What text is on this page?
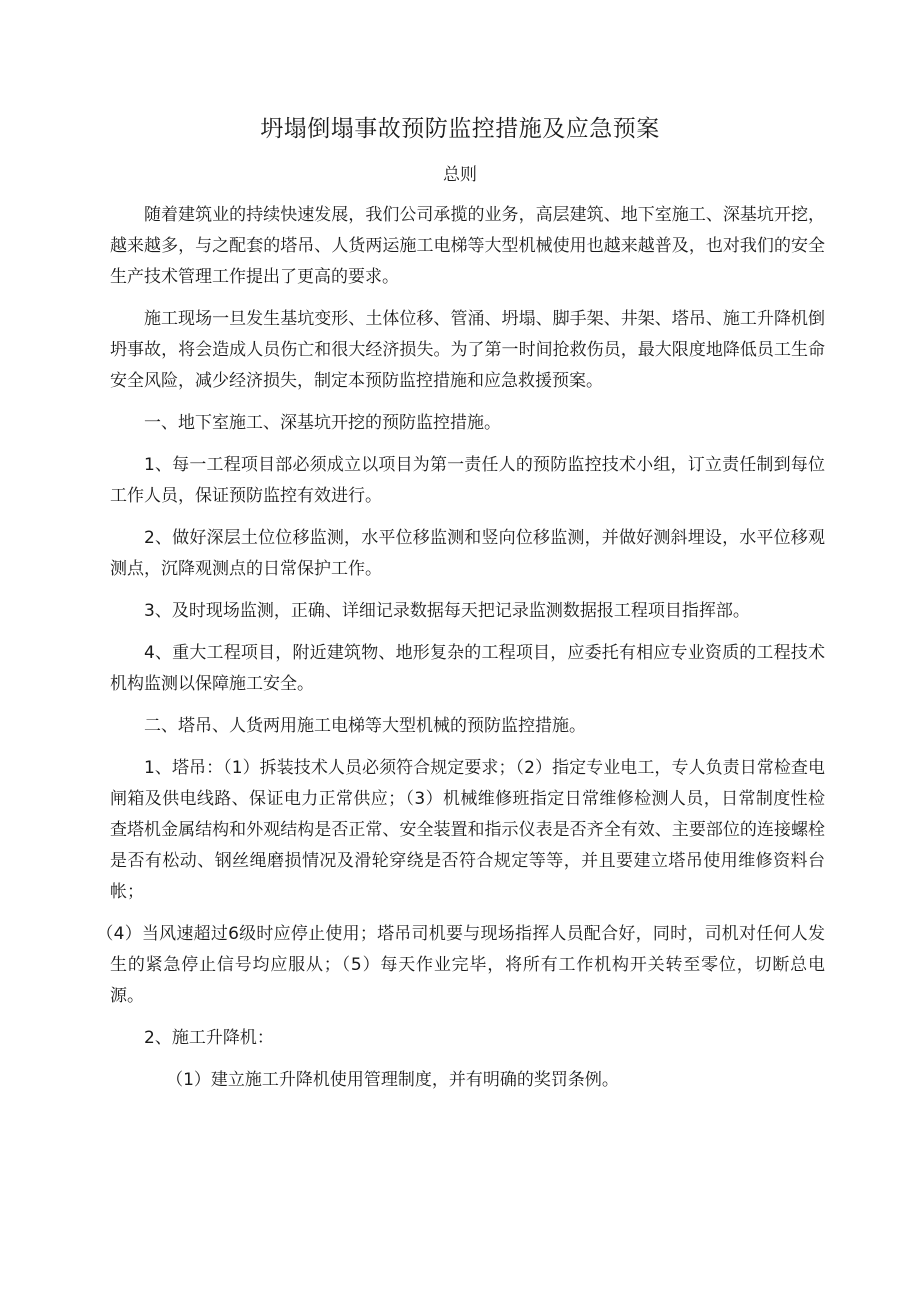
坍塌倒塌事故预防监控措施及应急预案
总则

随着建筑业的持续快速发展，我们公司承揽的业务，高层建筑、地下室施工、深基坑开挖，越来越多，与之配套的塔吊、人货两运施工电梯等大型机械使用也越来越普及，也对我们的安全生产技术管理工作提出了更高的要求。

施工现场一旦发生基坑变形、土体位移、管涌、坍塌、脚手架、井架、塔吊、施工升降机倒坍事故，将会造成人员伤亡和很大经济损失。为了第一时间抢救伤员，最大限度地降低员工生命安全风险，减少经济损失，制定本预防监控措施和应急救援预案。

一、地下室施工、深基坑开挖的预防监控措施。

1、每一工程项目部必须成立以项目为第一责任人的预防监控技术小组，订立责任制到每位工作人员，保证预防监控有效进行。

2、做好深层土位位移监测，水平位移监测和竖向位移监测，并做好测斜埋设，水平位移观测点，沉降观测点的日常保护工作。

3、及时现场监测，正确、详细记录数据每天把记录监测数据报工程项目指挥部。

4、重大工程项目，附近建筑物、地形复杂的工程项目，应委托有相应专业资质的工程技术机构监测以保障施工安全。

二、塔吊、人货两用施工电梯等大型机械的预防监控措施。

1、塔吊：（1）拆装技术人员必须符合规定要求；（2）指定专业电工，专人负责日常检查电闸箱及供电线路、保证电力正常供应；（3）机械维修班指定日常维修检测人员，日常制度性检查塔机金属结构和外观结构是否正常、安全装置和指示仪表是否齐全有效、主要部位的连接螺栓是否有松动、钢丝绳磨损情况及滑轮穿绕是否符合规定等等，并且要建立塔吊使用维修资料台帐；

（4）当风速超过6级时应停止使用；塔吊司机要与现场指挥人员配合好，同时，司机对任何人发生的紧急停止信号均应服从；（5）每天作业完毕，将所有工作机构开关转至零位，切断总电源。

2、施工升降机：

（1）建立施工升降机使用管理制度，并有明确的奖罚条例。
